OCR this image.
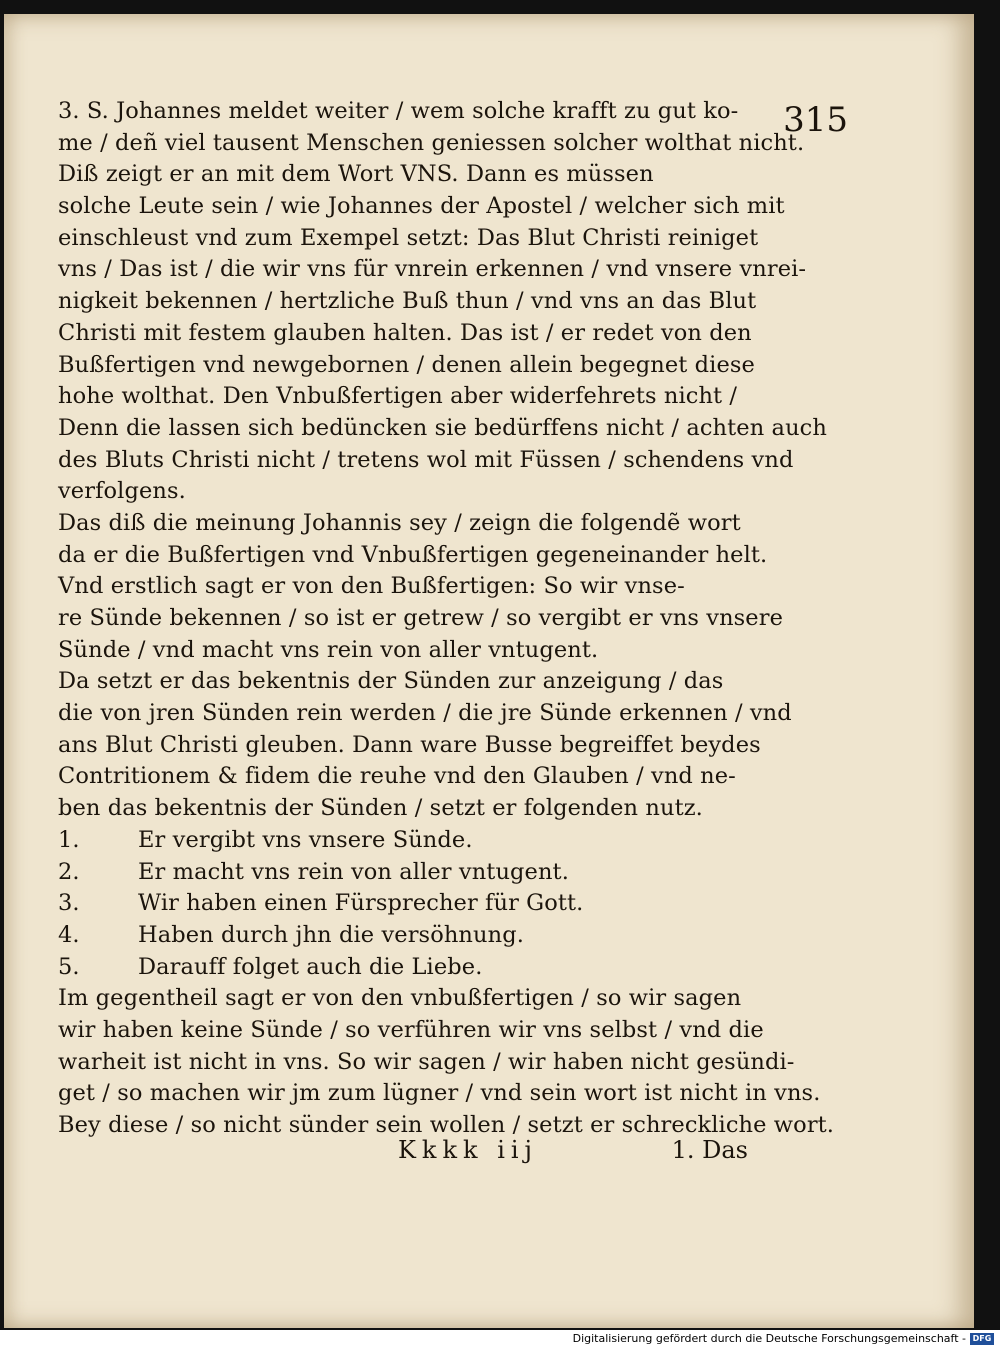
315
3. S. Johannes meldet weiter / wem solche krafft zu gut ko-
me / deñ viel tausent Menschen geniessen solcher wolthat nicht.
Diß zeigt er an mit dem Wort VNS. Dann es müssen
solche Leute sein / wie Johannes der Apostel / welcher sich mit
einschleust vnd zum Exempel setzt: Das Blut Christi reiniget
vns / Das ist / die wir vns für vnrein erkennen / vnd vnsere vnrei-
nigkeit bekennen / hertzliche Buß thun / vnd vns an das Blut
Christi mit festem glauben halten. Das ist / er redet von den
Bußfertigen vnd newgebornen / denen allein begegnet diese
hohe wolthat. Den Vnbußfertigen aber widerfehrets nicht /
Denn die lassen sich bedüncken sie bedürffens nicht / achten auch
des Bluts Christi nicht / tretens wol mit Füssen / schendens vnd
verfolgens.
Das diß die meinung Johannis sey / zeign die folgendẽ wort
da er die Bußfertigen vnd Vnbußfertigen gegeneinander helt.
Vnd erstlich sagt er von den Bußfertigen: So wir vnse-
re Sünde bekennen / so ist er getrew / so vergibt er vns vnsere
Sünde / vnd macht vns rein von aller vntugent.
Da setzt er das bekentnis der Sünden zur anzeigung / das
die von jren Sünden rein werden / die jre Sünde erkennen / vnd
ans Blut Christi gleuben. Dann ware Busse begreiffet beydes
Contritionem & fidem die reuhe vnd den Glauben / vnd ne-
ben das bekentnis der Sünden / setzt er folgenden nutz.
1.	Er vergibt vns vnsere Sünde.
2.	Er macht vns rein von aller vntugent.
3.	Wir haben einen Fürsprecher für Gott.
4.	Haben durch jhn die versöhnung.
5.	Darauff folget auch die Liebe.
Im gegentheil sagt er von den vnbußfertigen / so wir sagen
wir haben keine Sünde / so verführen wir vns selbst / vnd die
warheit ist nicht in vns. So wir sagen / wir haben nicht gesündi-
get / so machen wir jm zum lügner / vnd sein wort ist nicht in vns.
Bey diese / so nicht sünder sein wollen / setzt er schreckliche wort.
Kkkk iij	1. Das
Digitalisierung gefördert durch die Deutsche Forschungsgemeinschaft - DFG
